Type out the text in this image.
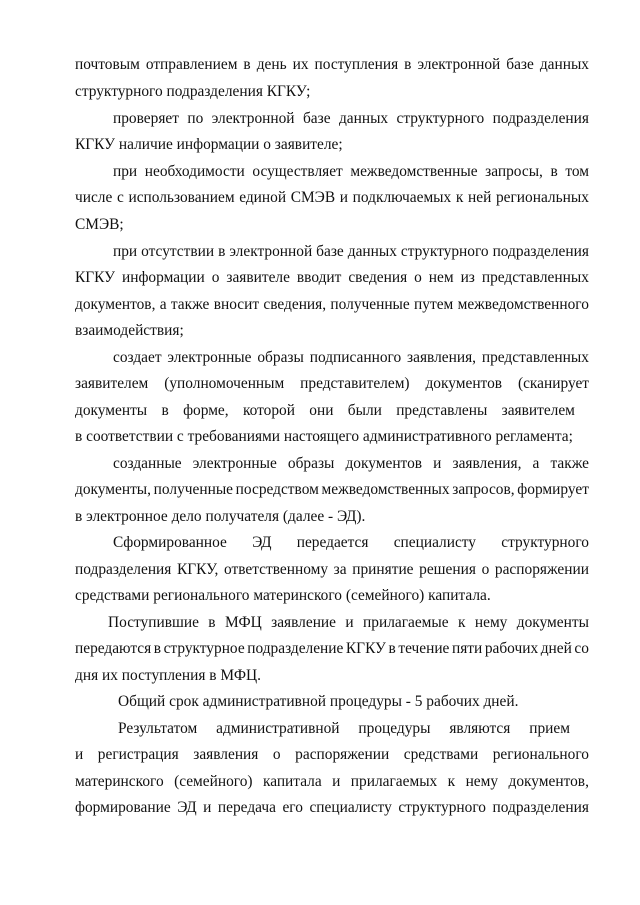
почтовым отправлением в день их поступления в электронной базе данных
структурного подразделения КГКУ;
проверяет по электронной базе данных структурного подразделения
КГКУ наличие информации о заявителе;
при необходимости осуществляет межведомственные запросы, в том
числе с использованием единой СМЭВ и подключаемых к ней региональных
СМЭВ;
при отсутствии в электронной базе данных структурного подразделения
КГКУ информации о заявителе вводит сведения о нем из представленных
документов, а также вносит сведения, полученные путем межведомственного
взаимодействия;
создает электронные образы подписанного заявления, представленных
заявителем (уполномоченным представителем) документов (сканирует
документы в форме, которой они были представлены заявителем
в соответствии с требованиями настоящего административного регламента;
созданные электронные образы документов и заявления, а также
документы, полученные посредством межведомственных запросов, формирует
в электронное дело получателя (далее - ЭД).
Сформированное ЭД передается специалисту структурного
подразделения КГКУ, ответственному за принятие решения о распоряжении
средствами регионального материнского (семейного) капитала.
Поступившие в МФЦ заявление и прилагаемые к нему документы
передаются в структурное подразделение КГКУ в течение пяти рабочих дней со
дня их поступления в МФЦ.
Общий срок административной процедуры - 5 рабочих дней.
Результатом административной процедуры являются прием
и регистрация заявления о распоряжении средствами регионального
материнского (семейного) капитала и прилагаемых к нему документов,
формирование ЭД и передача его специалисту структурного подразделения
